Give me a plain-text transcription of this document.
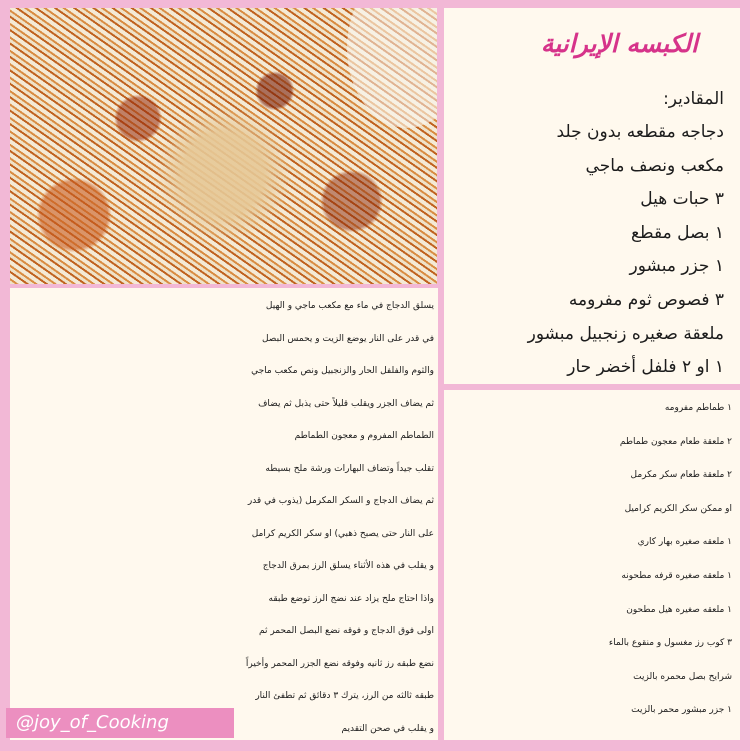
الكبسه الإيرانية
المقادير:
دجاجه مقطعه بدون جلد
مكعب ونصف ماجي
٣ حبات هيل
١ بصل مقطع
١ جزر مبشور
٣ فصوص ثوم مفرومه
ملعقة صغيره زنجبيل مبشور
١ او ٢ فلفل أخضر حار
١ طماطم مفرومه
٢ ملعقة طعام معجون طماطم
٢ ملعقة طعام سكر مكرمل
او ممكن سكر الكريم كراميل
١ ملعقه صغيره بهار كاري
١ ملعقه صغيره قرفه مطحونه
١ ملعقه صغيره هيل مطحون
٣ كوب رز مغسول و منقوع بالماء
شرايح بصل محمره بالزيت
١ جزر مبشور محمر بالزيت
يسلق الدجاج في ماء مع مكعب ماجي و الهيل
في قدر على النار يوضع الزيت و يحمس البصل
والثوم والفلفل الحار والزنجبيل ونص مكعب ماجي
ثم يضاف الجزر ويقلب قليلاً حتى يذبل ثم يضاف
الطماطم المفروم و معجون الطماطم
تقلب جيداً وتضاف البهارات ورشة ملح بسيطه
ثم يضاف الدجاج و السكر المكرمل (يذوب في قدر
على النار حتى يصبح ذهبي) او سكر الكريم كرامل
و يقلب في هذه الأثناء يسلق الرز بمرق الدجاج
واذا احتاج ملح يزاد عند نضج الرز توضع طبقه
اولى فوق الدجاج و فوقه نضع البصل المحمر ثم
نضع طبقه رز ثانيه وفوقه نضع الجزر المحمر وأخيراً
طبقه ثالثه من الرز، يترك ٣ دقائق ثم تطفئ النار
و يقلب في صحن التقديم
@joy_of_Cooking
